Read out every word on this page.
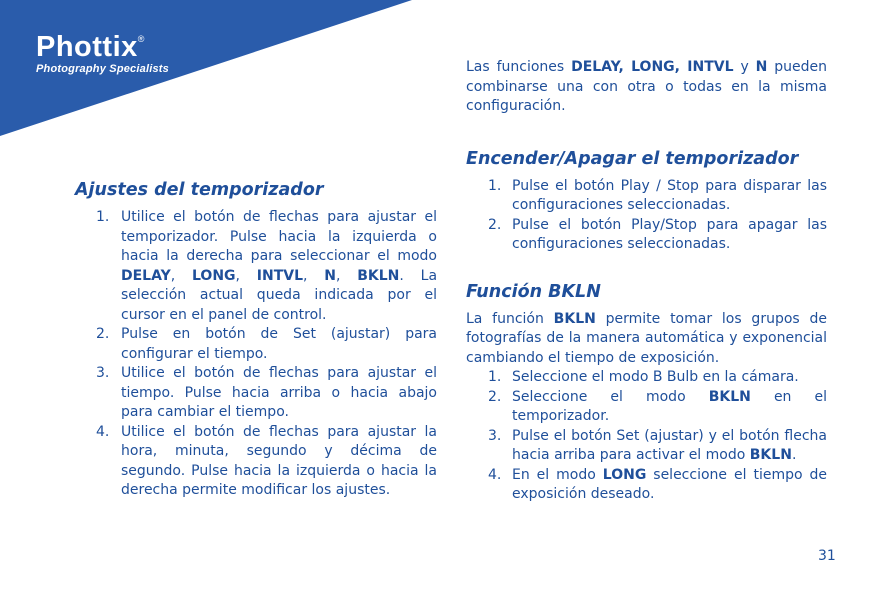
Phottix®
Photography Specialists	Las funciones DELAY, LONG, INTVL y N pueden combinarse una con otra o todas en la misma configuración.

Encender/Apagar el temporizador
1. Pulse el botón Play / Stop para disparar las configuraciones seleccionadas.
2. Pulse el botón Play/Stop para apagar las configuraciones seleccionadas.
Función BKLN

La función BKLN permite tomar los grupos de fotografías de la manera automática y exponencial cambiando el tiempo de exposición.

1. Seleccione el modo B Bulb en la cámara.
2. Seleccione el modo BKLN en el temporizador.
3. Pulse el botón Set (ajustar) y el botón flecha hacia arriba para activar el modo BKLN.
4. En el modo LONG seleccione el tiempo de exposición deseado.
Ajustes del temporizador
1. Utilice el botón de flechas para ajustar el temporizador. Pulse hacia la izquierda o hacia la derecha para seleccionar el modo DELAY, LONG, INTVL, N, BKLN. La selección actual queda indicada por el cursor en el panel de control.
2. Pulse en botón de Set (ajustar) para configurar el tiempo.
3. Utilice el botón de flechas para ajustar el tiempo. Pulse hacia arriba o hacia abajo para cambiar el tiempo.
4. Utilice el botón de flechas para ajustar la hora, minuta, segundo y décima de segundo. Pulse hacia la izquierda o hacia la derecha permite modificar los ajustes.
31
